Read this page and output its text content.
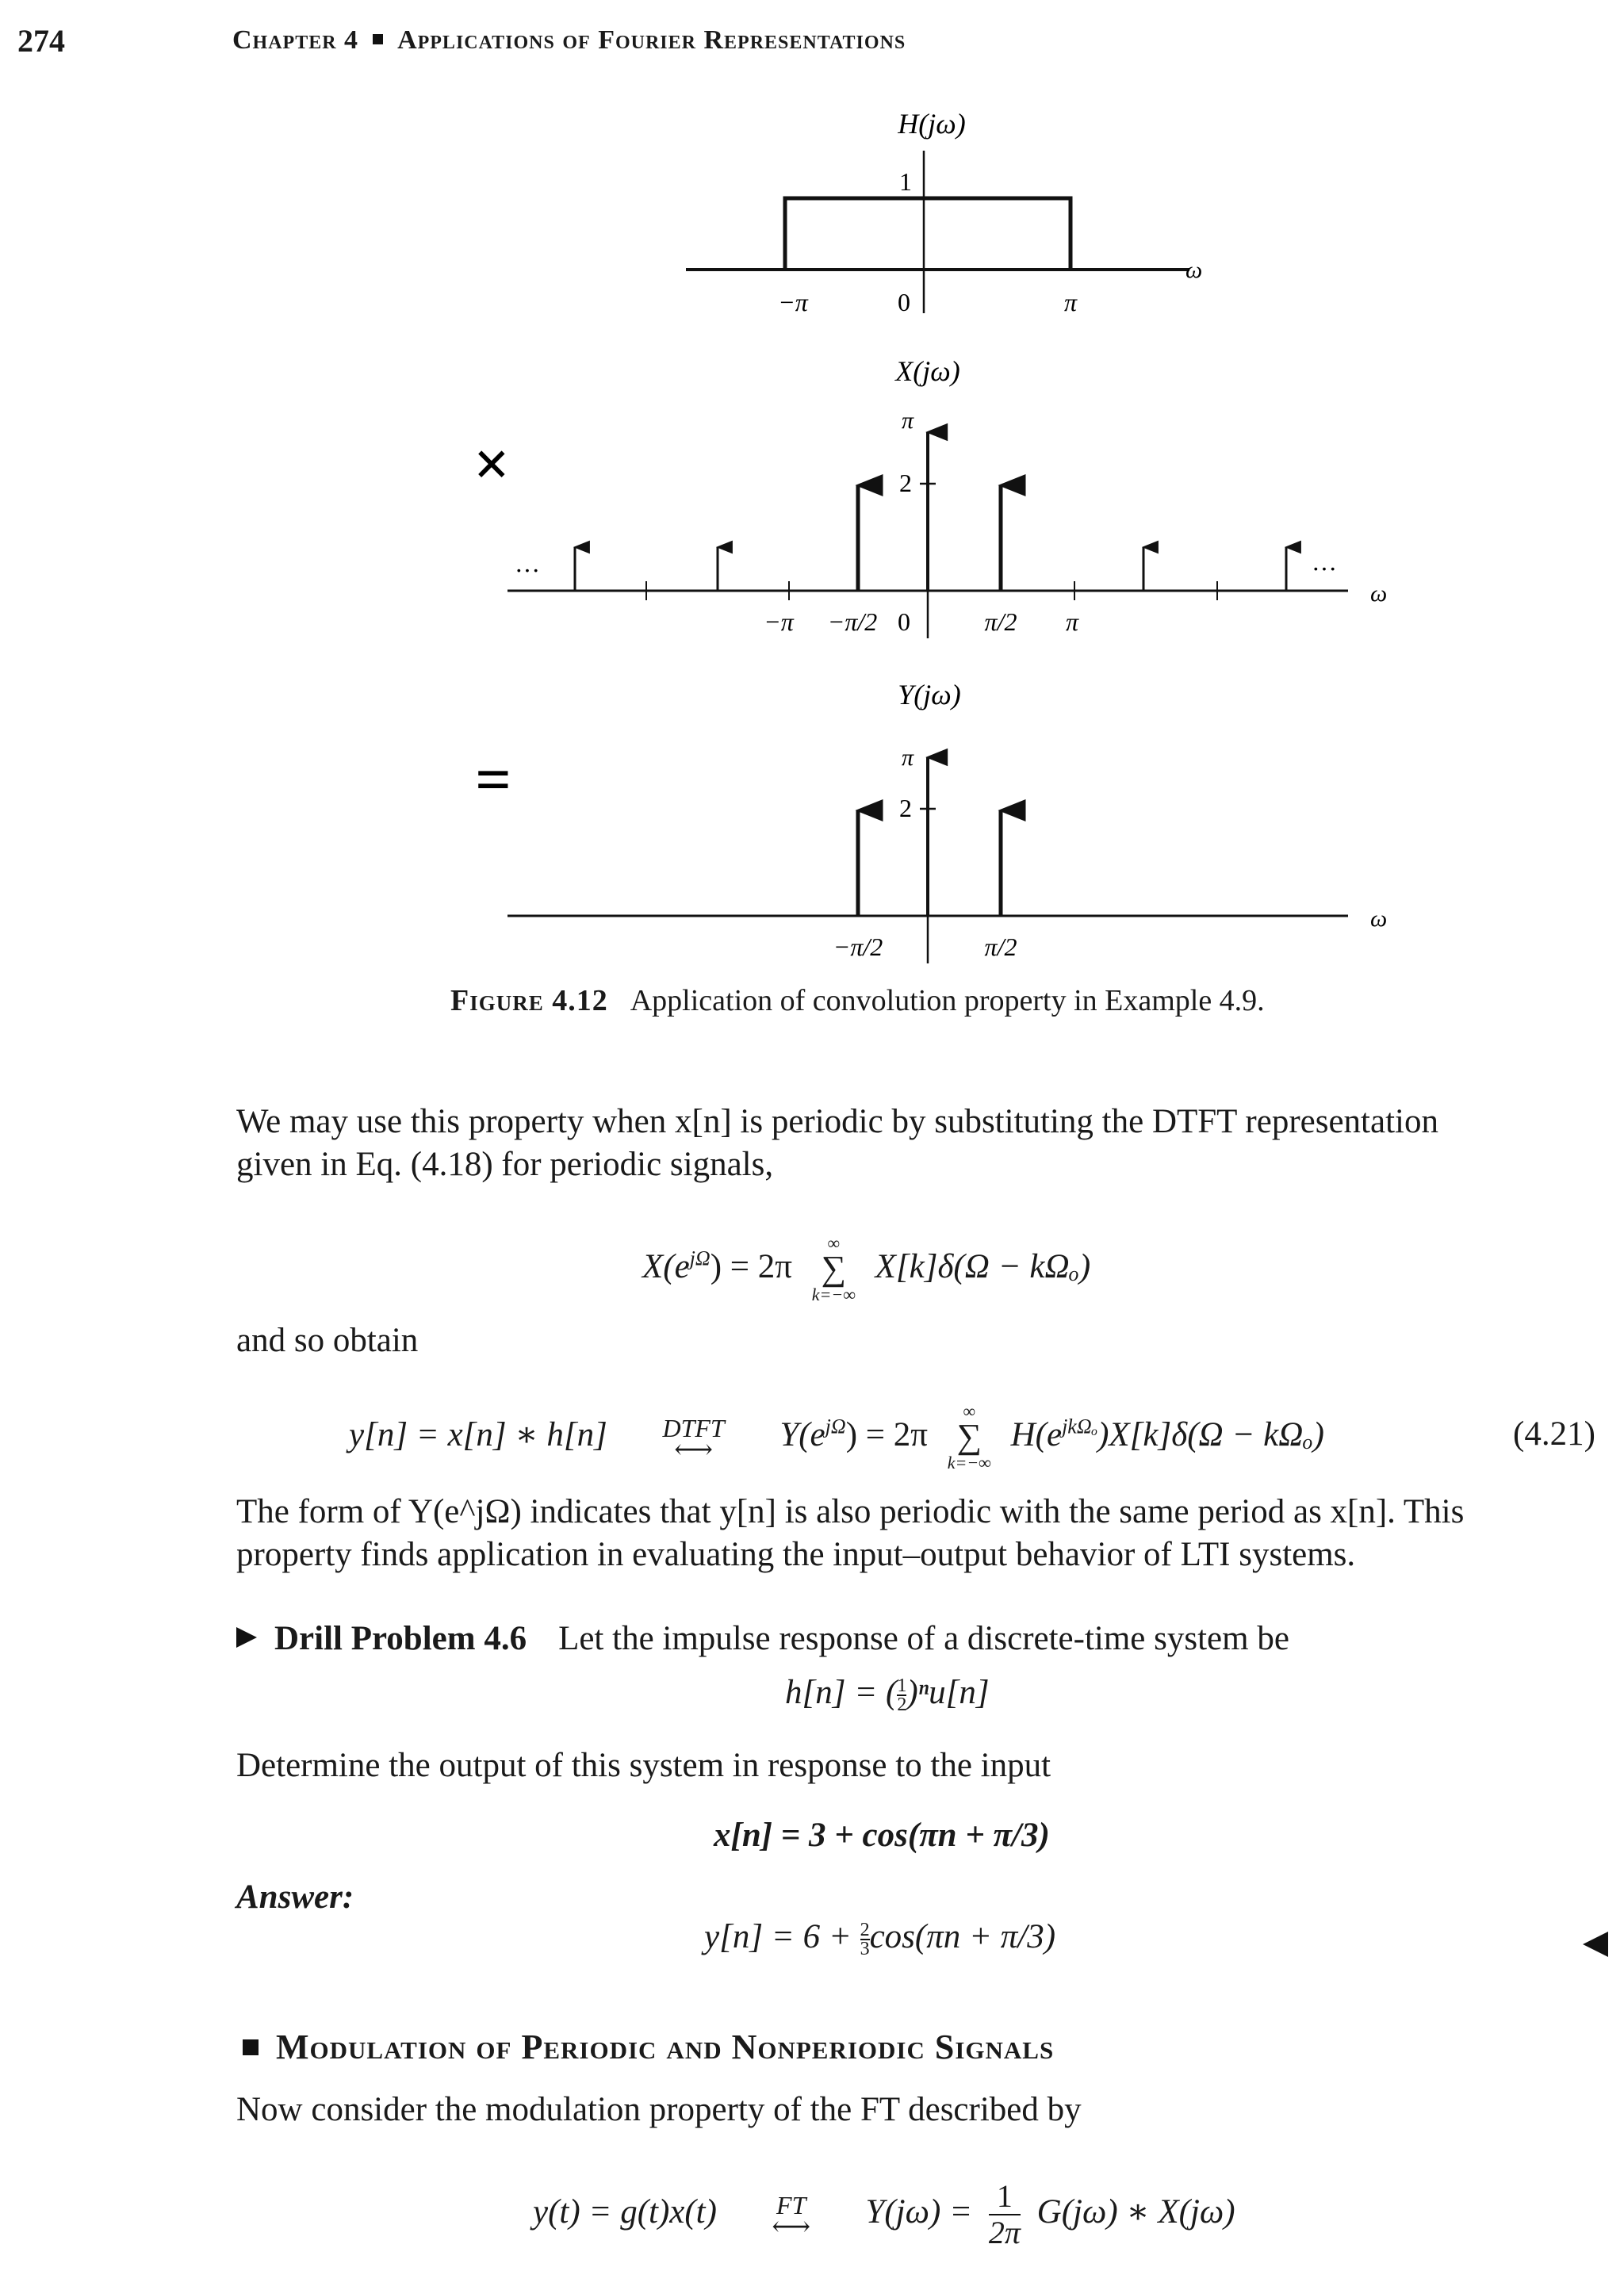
274	Chapter 4 Applications of Fourier Representations
H(jω)
1
−π	0	π
ω
×
X(jω)
π
2
−π −π/2 0	π/2 π
···	···
ω
=
Y(jω)
π
2
−π/2	π/2
ω
Figure 4.12 Application of convolution property in Example 4.9.
We may use this property when x[n] is periodic by substituting the DTFT representation
given in Eq. (4.18) for periodic signals,
$X(e^{j\Omega}) = 2\pi$
∞
∑
k=−∞
X[k]δ(Ω − kΩₒ)
and so obtain
y[n] = x[n] ∗ h[n]	DTFT
⟷	$Y(e^{j\Omega}) = 2\pi$
∞
∑
k=−∞
$H(e^{jk\Omega_o})X[k]\delta(\Omega - k\Omega_o)$	(4.21)
The form of Y(e^jΩ) indicates that y[n] is also periodic with the same period as x[n]. This
property finds application in evaluating the input–output behavior of LTI systems.
Drill Problem 4.6 Let the impulse response of a discrete-time system be
h[n] = ( $\frac{1}{2})^nu[n]$
Determine the output of this system in response to the input
x[n] = 3 + cos(πn + π/3)
Answer:
$y[n] = 6 + \frac{2}{3}\cos(\pi n + \pi/3)$
Modulation of Periodic and Nonperiodic Signals
Now consider the modulation property of the FT described by
y(t) = g(t)x(t)	FT
⟷	$Y(j\omega) = \frac{1}{2\pi} G(j\omega)$ ∗ X(jω)
